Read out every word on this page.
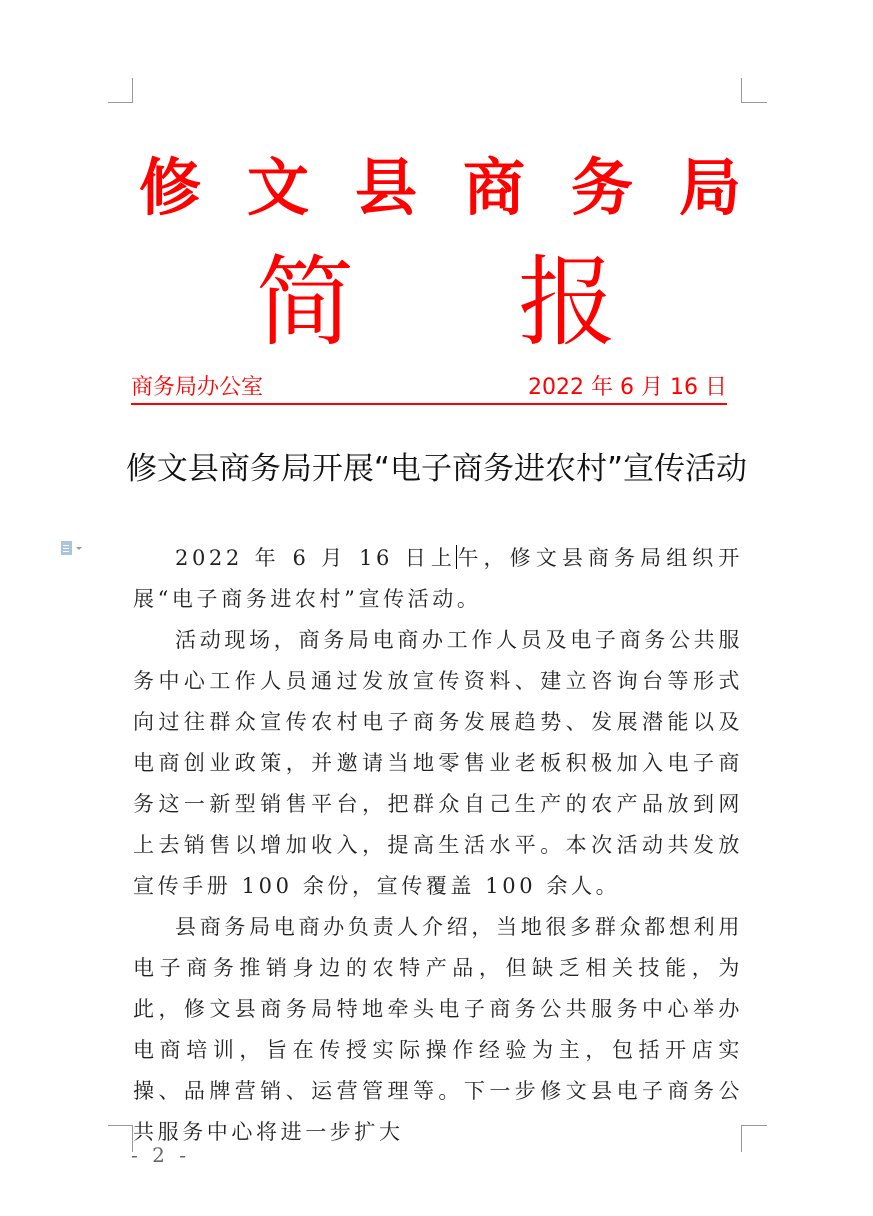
修 文 县 商 务 局
简 报
商务局办公室	2022 年 6 月 16 日
修文县商务局开展“电子商务进农村”宣传活动

2022 年 6 月 16 日上午，修文县商务局组织开展“电子商务进农村”宣传活动。

活动现场，商务局电商办工作人员及电子商务公共服务中心工作人员通过发放宣传资料、建立咨询台等形式向过往群众宣传农村电子商务发展趋势、发展潜能以及电商创业政策，并邀请当地零售业老板积极加入电子商务这一新型销售平台，把群众自己生产的农产品放到网上去销售以增加收入，提高生活水平。本次活动共发放宣传手册 100 余份，宣传覆盖 100 余人。

县商务局电商办负责人介绍，当地很多群众都想利用电子商务推销身边的农特产品，但缺乏相关技能，为此，修文县商务局特地牵头电子商务公共服务中心举办电商培训，旨在传授实际操作经验为主，包括开店实操、品牌营销、运营管理等。下一步修文县电子商务公共服务中心将进一步扩大

- 2 -
